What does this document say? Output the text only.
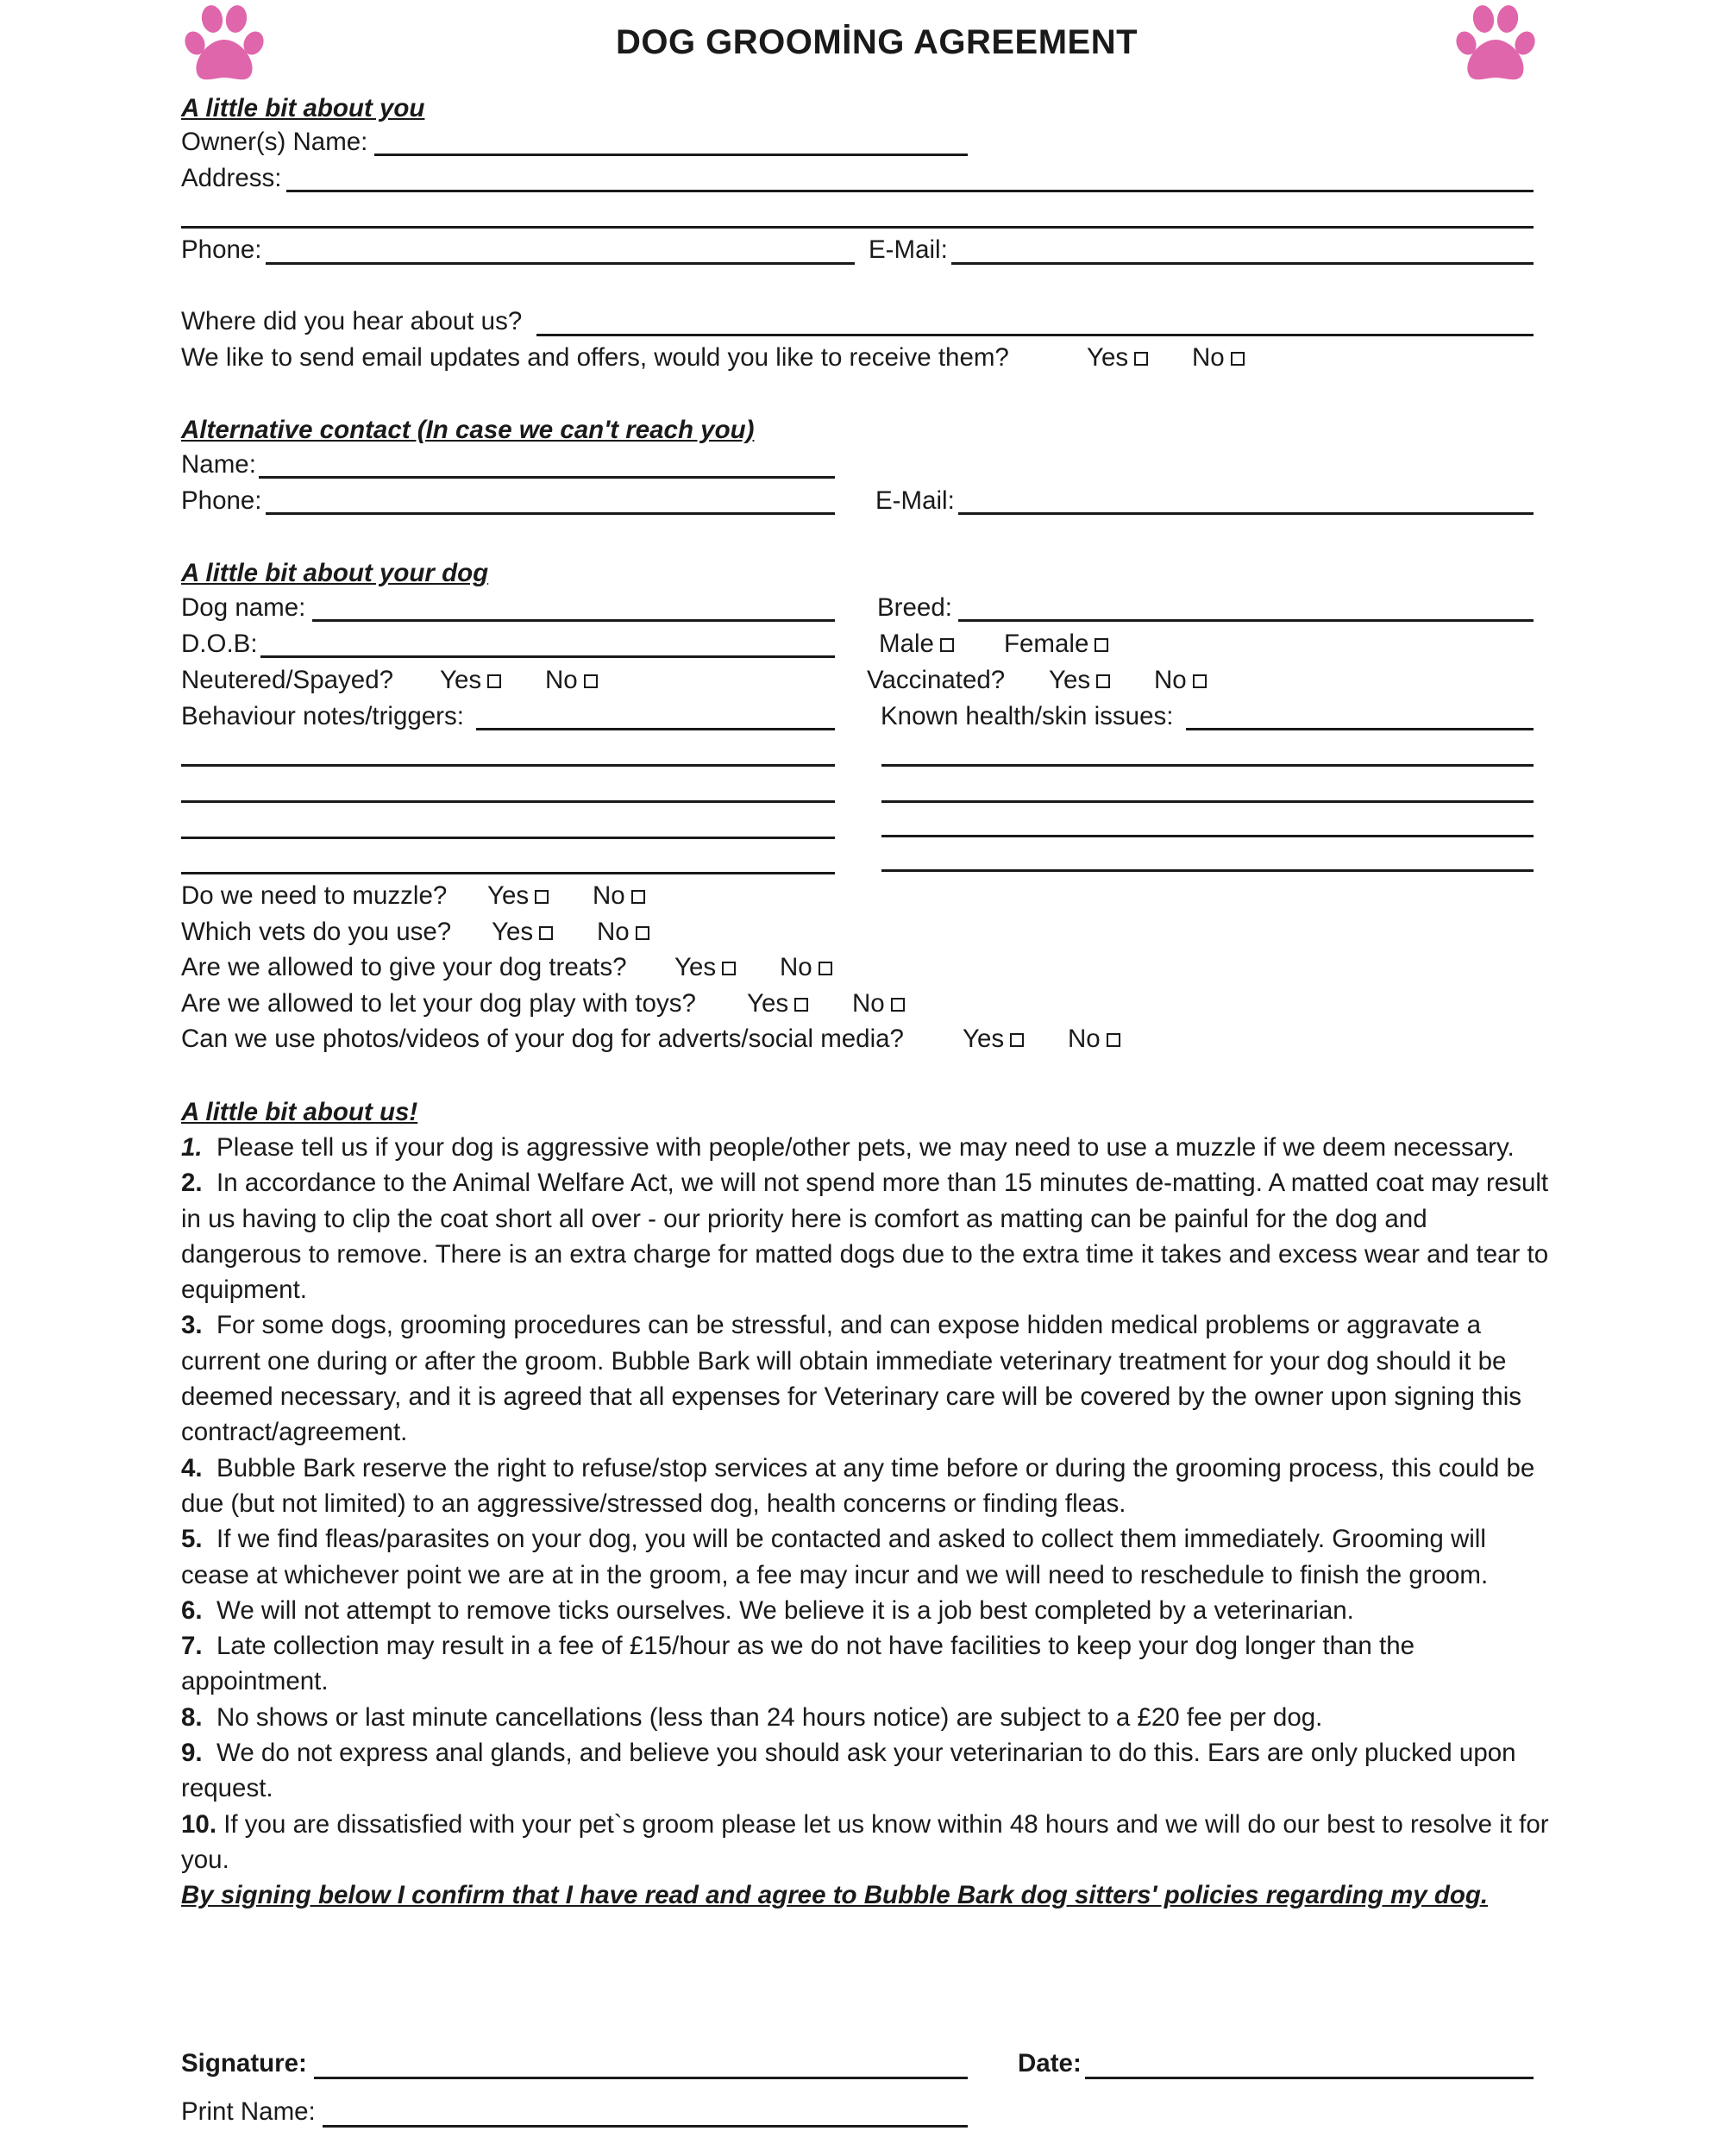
DOG GROOMİNG AGREEMENT
A little bit about you
Owner(s) Name:
Address:
Phone:	E-Mail:
Where did you hear about us?
We like to send email updates and offers, would you like to receive them?	Yes	No
Alternative contact (In case we can't reach you)
Name:
Phone:	E-Mail:
A little bit about your dog
Dog name:	Breed:
D.O.B:	Male	Female
Neutered/Spayed? Yes	No	Vaccinated? Yes	No
Behaviour notes/triggers:	Known health/skin issues:
Do we need to muzzle? Yes	No
Which vets do you use? Yes	No
Are we allowed to give your dog treats? Yes	No
Are we allowed to let your dog play with toys? Yes	No
Can we use photos/videos of your dog for adverts/social media? Yes	No
A little bit about us!

1. Please tell us if your dog is aggressive with people/other pets, we may need to use a muzzle if we deem necessary.

2. In accordance to the Animal Welfare Act, we will not spend more than 15 minutes de-matting. A matted coat may result in us having to clip the coat short all over - our priority here is comfort as matting can be painful for the dog and dangerous to remove. There is an extra charge for matted dogs due to the extra time it takes and excess wear and tear to equipment.

3. For some dogs, grooming procedures can be stressful, and can expose hidden medical problems or aggravate a current one during or after the groom. Bubble Bark will obtain immediate veterinary treatment for your dog should it be deemed necessary, and it is agreed that all expenses for Veterinary care will be covered by the owner upon signing this contract/agreement.

4. Bubble Bark reserve the right to refuse/stop services at any time before or during the grooming process, this could be due (but not limited) to an aggressive/stressed dog, health concerns or finding fleas.

5. If we find fleas/parasites on your dog, you will be contacted and asked to collect them immediately. Grooming will cease at whichever point we are at in the groom, a fee may incur and we will need to reschedule to finish the groom.

6. We will not attempt to remove ticks ourselves. We believe it is a job best completed by a veterinarian.

7. Late collection may result in a fee of £15/hour as we do not have facilities to keep your dog longer than the appointment.

8. No shows or last minute cancellations (less than 24 hours notice) are subject to a £20 fee per dog.

9. We do not express anal glands, and believe you should ask your veterinarian to do this. Ears are only plucked upon request.

10. If you are dissatisfied with your pet`s groom please let us know within 48 hours and we will do our best to resolve it for you.

By signing below I confirm that I have read and agree to Bubble Bark dog sitters' policies regarding my dog.

Signature:	Date:
Print Name:
